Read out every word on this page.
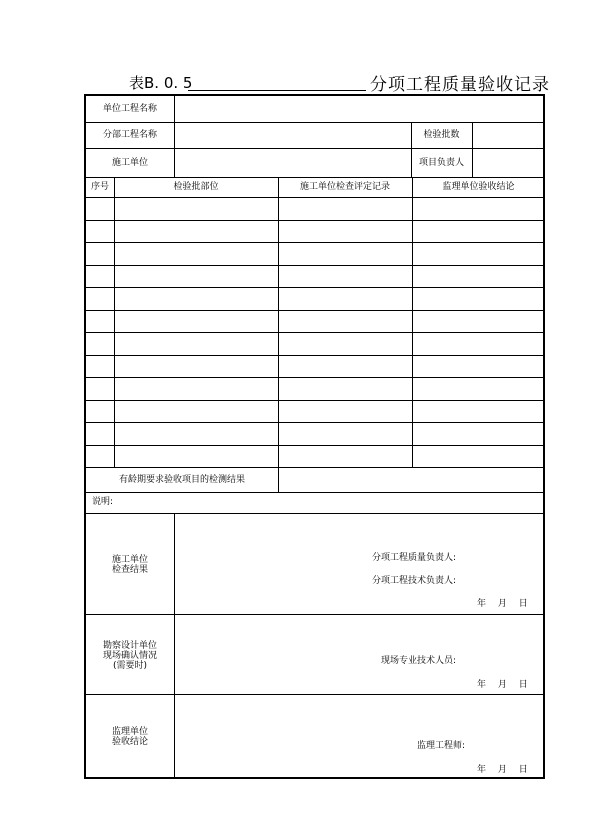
表B. 0. 5	分项工程质量验收记录
单位工程名称
分部工程名称	检验批数
施工单位	项目负责人
序号	检验批部位	施工单位检查评定记录	监理单位验收结论
有龄期要求验收项目的检测结果
说明:
施工单位
检查结果
分项工程质量负责人:
分项工程技术负责人:
年　 月　 日
勘察设计单位
现场确认情况
(需要时)	现场专业技术人员:
年　 月　 日
监理单位
验收结论	监理工程师:
年　 月　 日
